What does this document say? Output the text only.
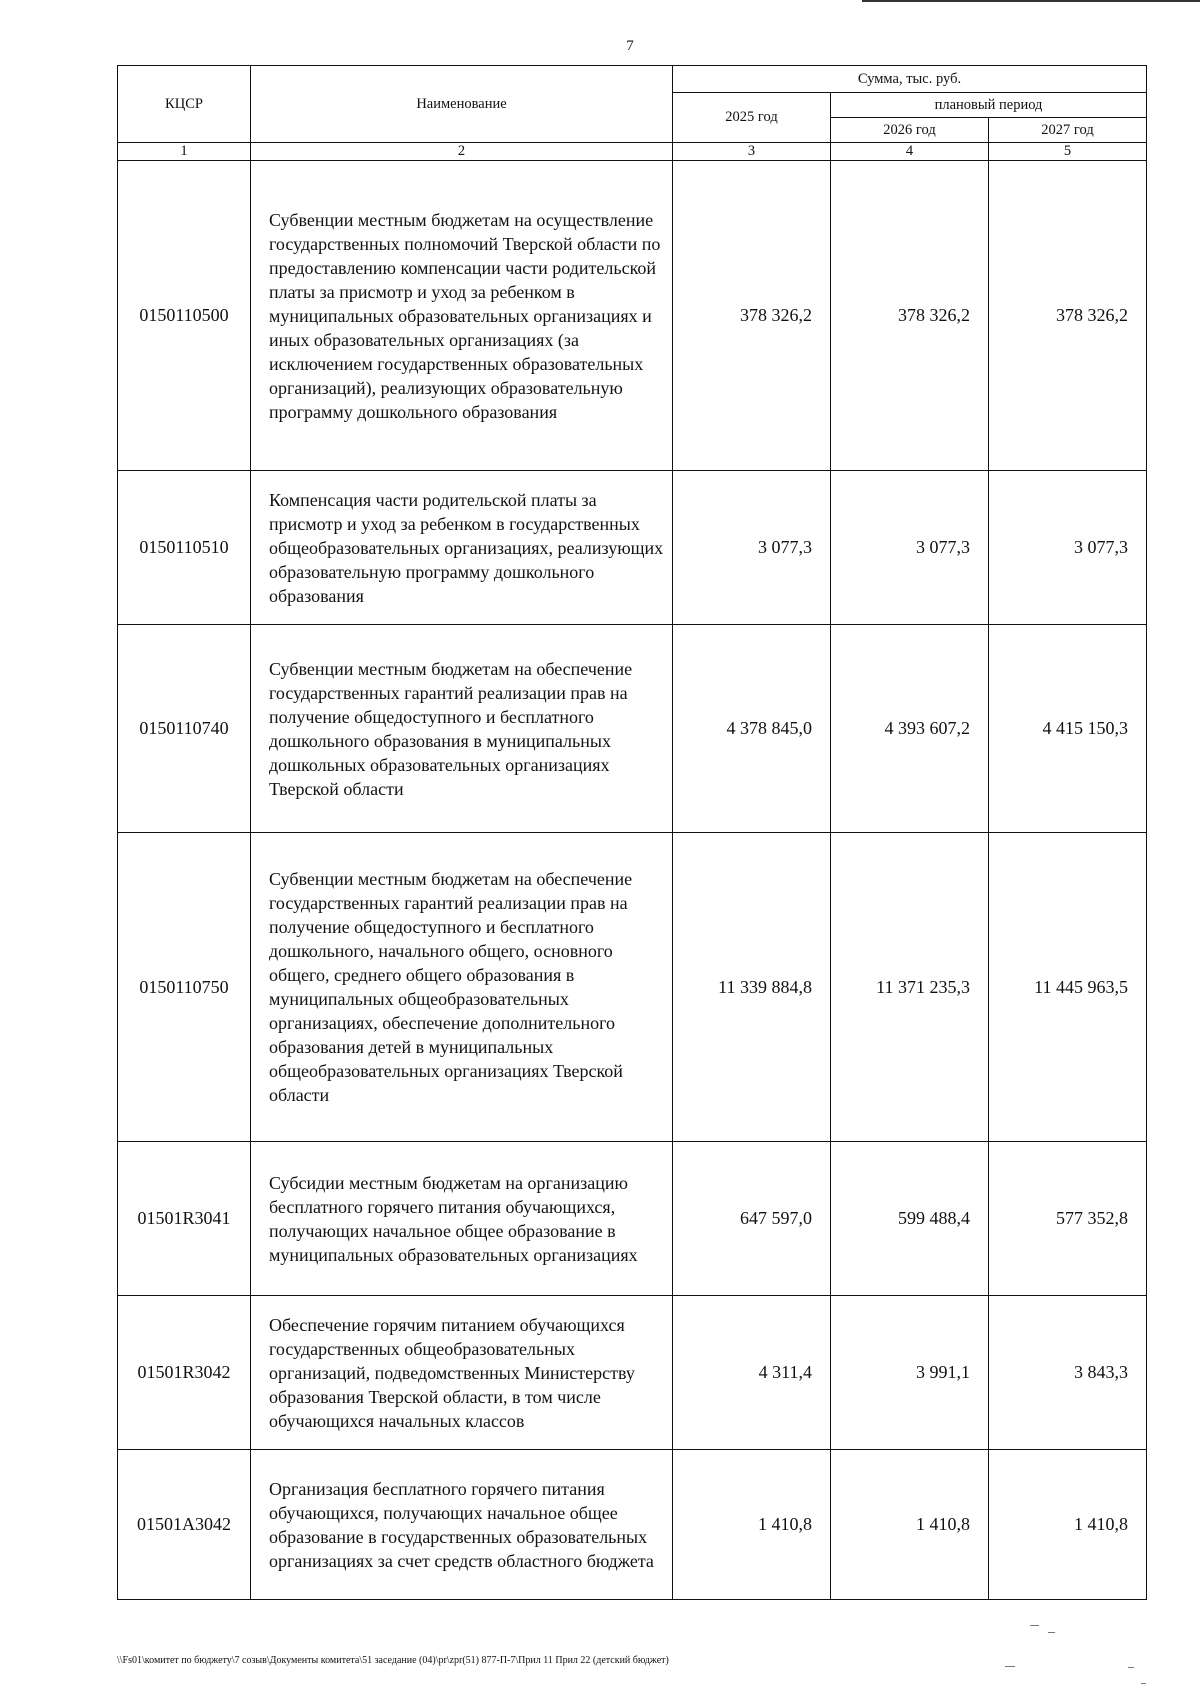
7
КЦСР	Наименование	Сумма, тыс. руб.		
		2025 год	плановый период	
			2026 год	2027 год
1	2	3	4	5
0150110500	Субвенции местным бюджетам на осуществление государственных полномочий Тверской области по предоставлению компенсации части родительской платы за присмотр и уход за ребенком в муниципальных образовательных организациях и иных образовательных организациях (за исключением государственных образовательных организаций), реализующих образовательную программу дошкольного образования	378 326,2	378 326,2	378 326,2
0150110510	Компенсация части родительской платы за присмотр и уход за ребенком в государственных общеобразовательных организациях, реализующих образовательную программу дошкольного образования	3 077,3	3 077,3	3 077,3
0150110740	Субвенции местным бюджетам на обеспечение государственных гарантий реализации прав на получение общедоступного и бесплатного дошкольного образования в муниципальных дошкольных образовательных организациях Тверской области	4 378 845,0	4 393 607,2	4 415 150,3
0150110750	Субвенции местным бюджетам на обеспечение государственных гарантий реализации прав на получение общедоступного и бесплатного дошкольного, начального общего, основного общего, среднего общего образования в муниципальных общеобразовательных организациях, обеспечение дополнительного образования детей в муниципальных общеобразовательных организациях Тверской области	11 339 884,8	11 371 235,3	11 445 963,5
01501R3041	Субсидии местным бюджетам на организацию бесплатного горячего питания обучающихся, получающих начальное общее образование в муниципальных образовательных организациях	647 597,0	599 488,4	577 352,8
01501R3042	Обеспечение горячим питанием обучающихся государственных общеобразовательных организаций, подведомственных Министерству образования Тверской области, в том числе обучающихся начальных классов	4 311,4	3 991,1	3 843,3
01501А3042	Организация бесплатного горячего питания обучающихся, получающих начальное общее образование в государственных образовательных организациях за счет средств областного бюджета	1 410,8	1 410,8	1 410,8
\\Fs01\комитет по бюджету\7 созыв\Документы комитета\51 заседание (04)\pr\zpr(51) 877-П-7\Прил 11 Прил 22 (детский бюджет)
